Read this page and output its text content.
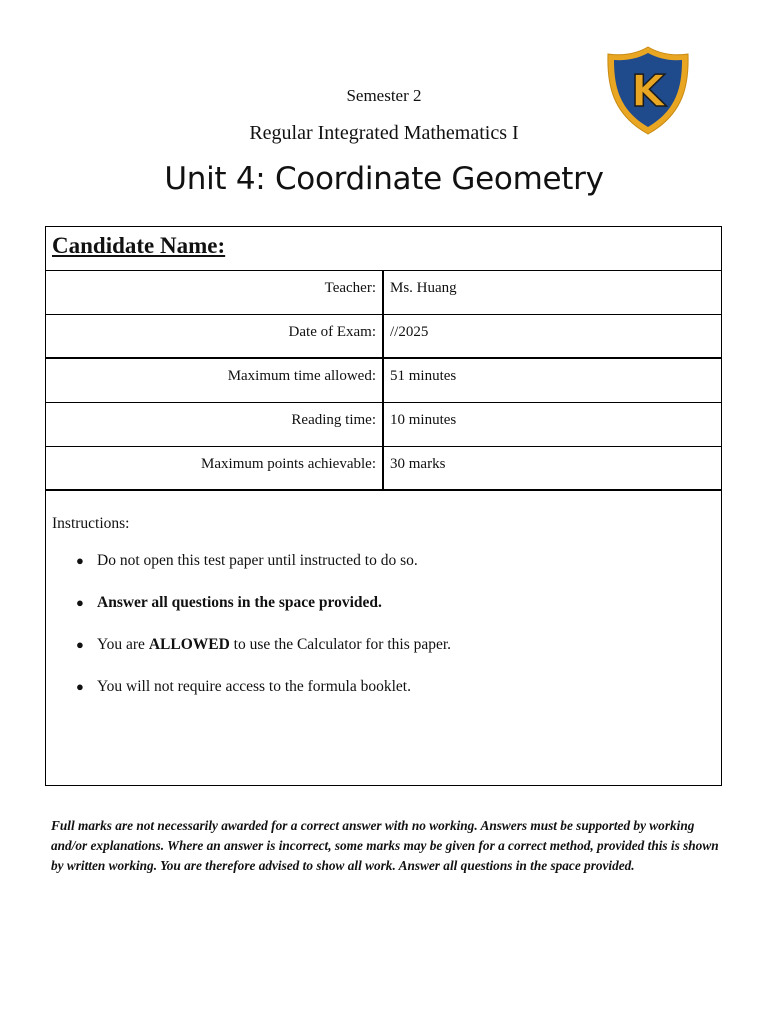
K
Semester 2
Regular Integrated Mathematics I
Unit 4: Coordinate Geometry
Candidate Name:
Teacher: Ms. Huang
Date of Exam: //2025
Maximum time allowed: 51 minutes
Reading time: 10 minutes
Maximum points achievable: 30 marks
Instructions:
● Do not open this test paper until instructed to do so.
● Answer all questions in the space provided.
● You are ALLOWED to use the Calculator for this paper.
● You will not require access to the formula booklet.
Full marks are not necessarily awarded for a correct answer with no working. Answers must be supported by working and/or explanations. Where an answer is incorrect, some marks may be given for a correct method, provided this is shown by written working. You are therefore advised to show all work. Answer all questions in the space provided.
